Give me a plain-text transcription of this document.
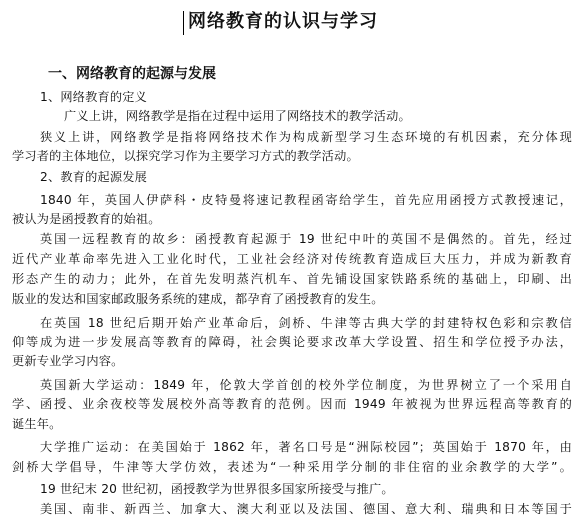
网络教育的认识与学习
一、网络教育的起源与发展
1、网络教育的定义
广义上讲，网络教学是指在过程中运用了网络技术的教学活动。
狭义上讲，网络教学是指将网络技术作为构成新型学习生态环境的有机因素，充分体现
学习者的主体地位，以探究学习作为主要学习方式的教学活动。
2、教育的起源发展
1840 年，英国人伊萨科・皮特曼将速记教程函寄给学生，首先应用函授方式教授速记，
被认为是函授教育的始祖。
英国一远程教育的故乡：函授教育起源于 19 世纪中叶的英国不是偶然的。首先，经过
近代产业革命率先进入工业化时代，工业社会经济对传统教育造成巨大压力，并成为新教育
形态产生的动力；此外，在首先发明蒸汽机车、首先铺设国家铁路系统的基础上，印刷、出
版业的发达和国家邮政服务系统的建成，都孕育了函授教育的发生。
在英国 18 世纪后期开始产业革命后，剑桥、牛津等古典大学的封建特权色彩和宗教信
仰等成为进一步发展高等教育的障碍，社会舆论要求改革大学设置、招生和学位授予办法，
更新专业学习内容。
英国新大学运动：1849 年，伦敦大学首创的校外学位制度，为世界树立了一个采用自
学、函授、业余夜校等发展校外高等教育的范例。因而 1949 年被视为世界远程高等教育的
诞生年。
大学推广运动：在美国始于 1862 年，著名口号是“洲际校园”；英国始于 1870 年，由
剑桥大学倡导，牛津等大学仿效，表述为“一种采用学分制的非住宿的业余教学的大学”。
19 世纪末 20 世纪初，函授教学为世界很多国家所接受与推广。
美国、南非、新西兰、加拿大、澳大利亚以及法国、德国、意大利、瑞典和日本等国于
